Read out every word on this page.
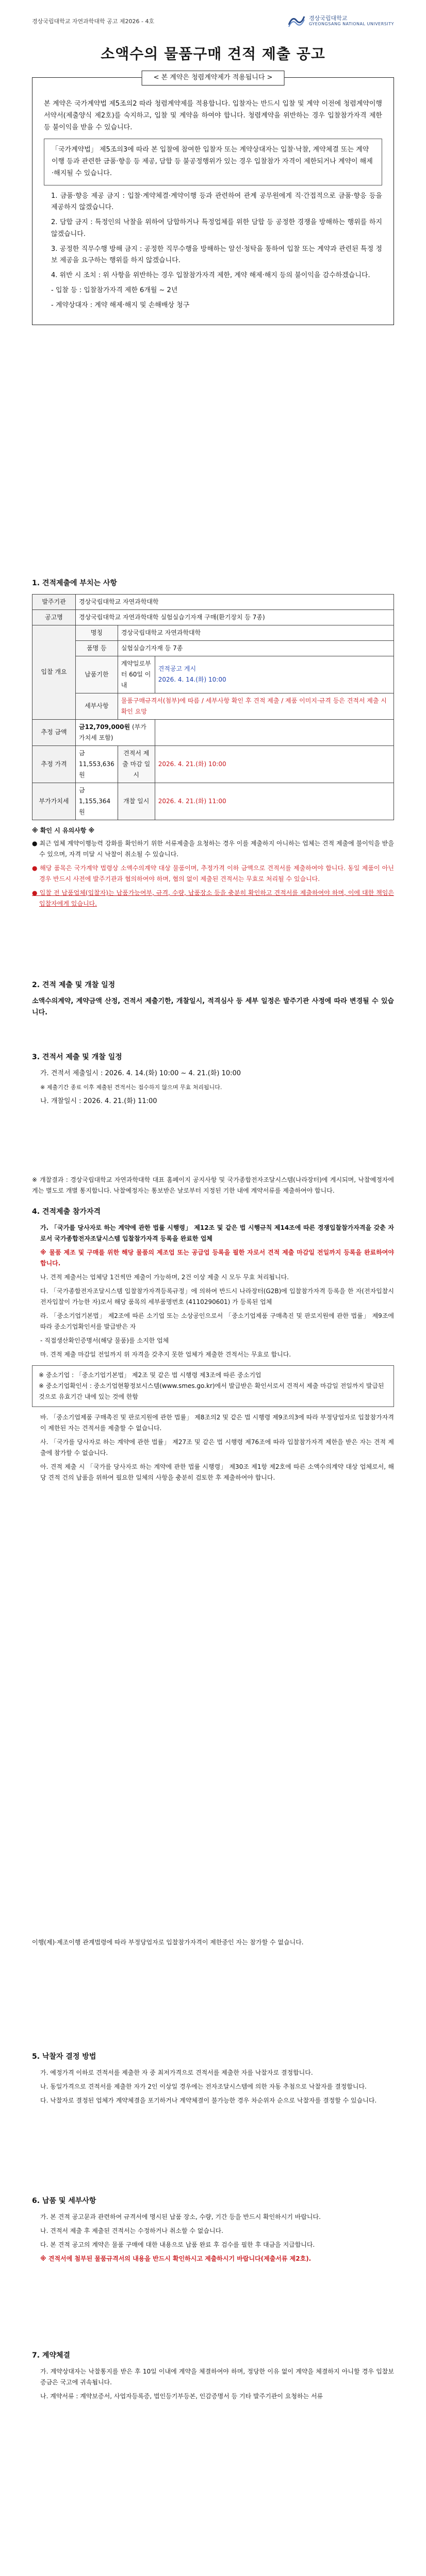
경상국립대학교 자연과학대학 공고 제2026 - 4호	경상국립대학교
GYEONGSANG NATIONAL UNIVERSITY
소액수의 물품구매 견적 제출 공고
< 본 계약은 청렴계약제가 적용됩니다 >

본 계약은 국가계약법 제5조의2 따라 청렴계약제를 적용합니다. 입찰자는 반드시 입찰 및 계약 이전에 청렴계약이행서약서(제출양식 제2호)를 숙지하고, 입찰 및 계약을 하여야 합니다. 청렴계약을 위반하는 경우 입찰참가자격 제한 등 불이익을 받을 수 있습니다.

「국가계약법」 제5조의3에 따라 본 입찰에 참여한 입찰자 또는 계약상대자는 입찰·낙찰, 계약체결 또는 계약이행 등과 관련한 금품·향응 등 제공, 담합 등 불공정행위가 있는 경우 입찰참가 자격이 제한되거나 계약이 해제·해지될 수 있습니다.
1. 금품·향응 제공 금지 : 입찰·계약체결·계약이행 등과 관련하여 관계 공무원에게 직·간접적으로 금품·향응 등을 제공하지 않겠습니다.
2. 담합 금지 : 특정인의 낙찰을 위하여 담합하거나 특정업체를 위한 담합 등 공정한 경쟁을 방해하는 행위를 하지 않겠습니다.
3. 공정한 직무수행 방해 금지 : 공정한 직무수행을 방해하는 알선·청탁을 통하여 입찰 또는 계약과 관련된 특정 정보 제공을 요구하는 행위를 하지 않겠습니다.
4. 위반 시 조치 : 위 사항을 위반하는 경우 입찰참가자격 제한, 계약 해제·해지 등의 불이익을 감수하겠습니다.
- 입찰 등 : 입찰참가자격 제한 6개월 ~ 2년
- 계약상대자 : 계약 해제·해지 및 손해배상 청구
1. 견적제출에 부치는 사항
발주기관	경상국립대학교 자연과학대학		
공고명	경상국립대학교 자연과학대학 실험실습기자재 구매(환기장치 등 7종)		
입찰 개요	명칭	경상국립대학교 자연과학대학	
	품명 등	실험실습기자재 등 7종	
	납품기한	계약일로부터 60일 이내	견적공고 게시
2026. 4. 14.(화) 10:00
	세부사항	물품구매규격서(첨부)에 따름 / 세부사항 확인 후 견적 제출 / 제품 이미지·규격 등은 견적서 제출 시 확인 요망	
추정 금액	금12,709,000원 (부가가치세 포함)		
추정 가격	금11,553,636원	견적서 제출 마감 일시	2026. 4. 21.(화) 10:00
부가가치세	금1,155,364원	개찰 일시	2026. 4. 21.(화) 11:00
※ 확인 시 유의사항 ※
● 최근 업체 계약이행능력 강화를 확인하기 위한 서류제출을 요청하는 경우 이를 제출하지 아니하는 업체는 견적 제출에 불이익을 받을 수 있으며, 자격 미달 시 낙찰이 취소될 수 있습니다.
● 해당 품목은 국가계약 법령상 소액수의계약 대상 물품이며, 추정가격 이하 금액으로 견적서를 제출하여야 합니다. 동일 제품이 아닌 경우 반드시 사전에 발주기관과 협의하여야 하며, 협의 없이 제출된 견적서는 무효로 처리될 수 있습니다.
● 입찰 전 납품업체(입찰자)는 납품가능여부, 규격, 수량, 납품장소 등을 충분히 확인하고 견적서를 제출하여야 하며, 이에 대한 책임은 입찰자에게 있습니다.
2. 견적 제출 및 개찰 일정
소액수의계약, 계약금액 산정, 견적서 제출기한, 개찰일시, 적격심사 등 세부 일정은 발주기관 사정에 따라 변경될 수 있습니다.
3. 견적서 제출 및 개찰 일정
가. 견적서 제출일시 : 2026. 4. 14.(화) 10:00 ~ 4. 21.(화) 10:00
※ 제출기간 종료 이후 제출된 견적서는 접수하지 않으며 무효 처리됩니다.
나. 개찰일시 : 2026. 4. 21.(화) 11:00
※ 개찰결과 : 경상국립대학교 자연과학대학 대표 홈페이지 공지사항 및 국가종합전자조달시스템(나라장터)에 게시되며, 낙찰예정자에게는 별도로 개별 통지합니다. 낙찰예정자는 통보받은 날로부터 지정된 기한 내에 계약서류를 제출하여야 합니다.
4. 견적제출 참가자격
가. 「국가를 당사자로 하는 계약에 관한 법률 시행령」 제12조 및 같은 법 시행규칙 제14조에 따른 경쟁입찰참가자격을 갖춘 자로서 국가종합전자조달시스템 입찰참가자격 등록을 완료한 업체
※ 물품 제조 및 구매를 위한 해당 물품의 제조업 또는 공급업 등록을 필한 자로서 견적 제출 마감일 전일까지 등록을 완료하여야 합니다.
나. 견적 제출서는 업체당 1건씩만 제출이 가능하며, 2건 이상 제출 시 모두 무효 처리됩니다.
다. 「국가종합전자조달시스템 입찰참가자격등록규정」에 의하여 반드시 나라장터(G2B)에 입찰참가자격 등록을 한 자(전자입찰시 전자입찰이 가능한 자)로서 해당 품목의 세부품명번호 (4110290601) 가 등록된 업체
라. 「중소기업기본법」 제2조에 따른 소기업 또는 소상공인으로서 「중소기업제품 구매촉진 및 판로지원에 관한 법률」 제9조에 따라 중소기업확인서를 발급받은 자
- 직접생산확인증명서(해당 물품)를 소지한 업체
마. 견적 제출 마감일 전일까지 위 자격을 갖추지 못한 업체가 제출한 견적서는 무효로 합니다.
※ 중소기업 : 「중소기업기본법」 제2조 및 같은 법 시행령 제3조에 따른 중소기업
※ 중소기업확인서 : 중소기업현황정보시스템(www.smes.go.kr)에서 발급받은 확인서로서 견적서 제출 마감일 전일까지 발급된 것으로 유효기간 내에 있는 것에 한함
바. 「중소기업제품 구매촉진 및 판로지원에 관한 법률」 제8조의2 및 같은 법 시행령 제9조의3에 따라 부정당업자로 입찰참가자격이 제한된 자는 견적서를 제출할 수 없습니다.
사. 「국가를 당사자로 하는 계약에 관한 법률」 제27조 및 같은 법 시행령 제76조에 따라 입찰참가자격 제한을 받은 자는 견적 제출에 참가할 수 없습니다.
아. 견적 제출 시 「국가를 당사자로 하는 계약에 관한 법률 시행령」 제30조 제1항 제2호에 따른 소액수의계약 대상 업체로서, 해당 견적 건의 납품을 위하여 필요한 일체의 사항을 충분히 검토한 후 제출하여야 합니다.
이행(제)·제조이행 관계법령에 따라 부정당업자로 입찰참가자격이 제한중인 자는 참가할 수 없습니다.
5. 낙찰자 결정 방법
가. 예정가격 이하로 견적서를 제출한 자 중 최저가격으로 견적서를 제출한 자를 낙찰자로 결정합니다.
나. 동일가격으로 견적서를 제출한 자가 2인 이상일 경우에는 전자조달시스템에 의한 자동 추첨으로 낙찰자를 결정합니다.
다. 낙찰자로 결정된 업체가 계약체결을 포기하거나 계약체결이 불가능한 경우 차순위자 순으로 낙찰자를 결정할 수 있습니다.
6. 납품 및 세부사항
가. 본 견적 공고문과 관련하여 규격서에 명시된 납품 장소, 수량, 기간 등을 반드시 확인하시기 바랍니다.
나. 견적서 제출 후 제출된 견적서는 수정하거나 취소할 수 없습니다.
다. 본 견적 공고의 계약은 물품 구매에 대한 내용으로 납품 완료 후 검수를 필한 후 대금을 지급합니다.
※ 견적서에 첨부된 물품규격서의 내용을 반드시 확인하시고 제출하시기 바랍니다(제출서류 제2호).
7. 계약체결
가. 계약상대자는 낙찰통지를 받은 후 10일 이내에 계약을 체결하여야 하며, 정당한 이유 없이 계약을 체결하지 아니할 경우 입찰보증금은 국고에 귀속됩니다.
나. 계약서류 : 계약보증서, 사업자등록증, 법인등기부등본, 인감증명서 등 기타 발주기관이 요청하는 서류
